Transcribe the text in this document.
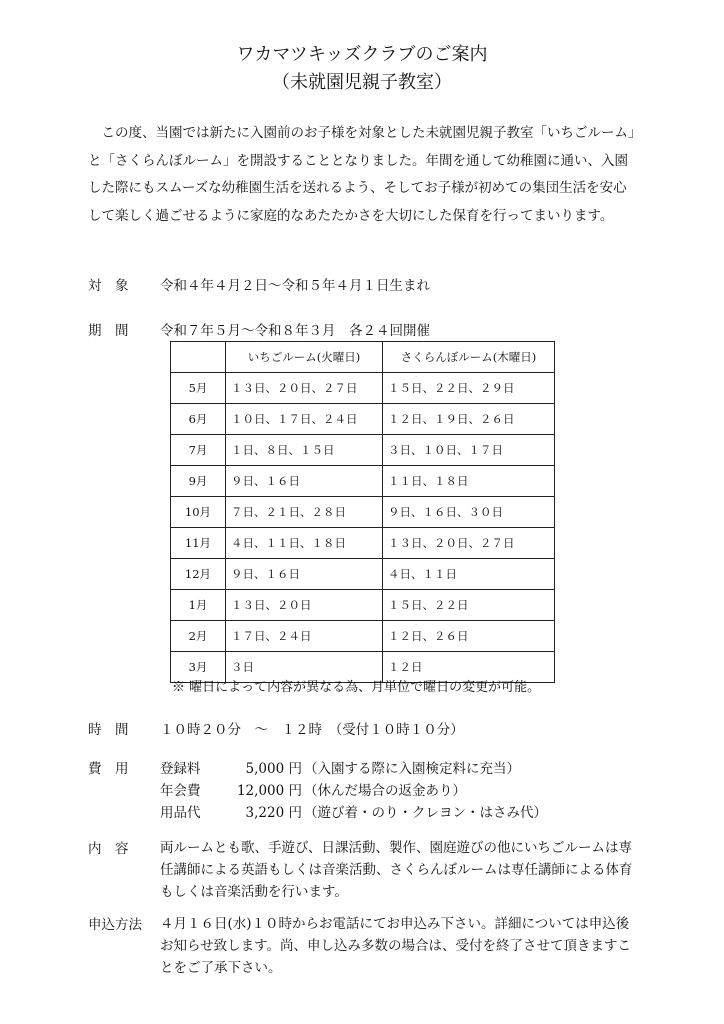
ワカマツキッズクラブのご案内
（未就園児親子教室）

この度、当園では新たに入園前のお子様を対象とした未就園児親子教室「いちごルーム」と「さくらんぼルーム」を開設することとなりました。年間を通して幼稚園に通い、入園した際にもスムーズな幼稚園生活を送れるよう、そしてお子様が初めての集団生活を安心して楽しく過ごせるように家庭的なあたたかさを大切にした保育を行ってまいります。

対　象	令和４年４月２日～令和５年４月１日生まれ
期　間	令和７年５月～令和８年３月　各２４回開催
	いちごルーム(火曜日)	さくらんぼルーム(木曜日)
5月	１３日、２０日、２７日	１５日、２２日、２９日
6月	１０日、１７日、２４日	１２日、１９日、２６日
7月	１日、８日、１５日	３日、１０日、１７日
9月	９日、１６日	１１日、１８日
10月	７日、２１日、２８日	９日、１６日、３０日
11月	４日、１１日、１８日	１３日、２０日、２７日
12月	９日、１６日	４日、１１日
1月	１３日、２０日	１５日、２２日
2月	１７日、２４日	１２日、２６日
3月	３日	１２日
※ 曜日によって内容が異なる為、月単位で曜日の変更が可能。
時　間	１０時２０分　～　１２時　（受付１０時１０分）
費　用	登録料	5,000 円 （入園する際に入園検定料に充当）
年会費	12,000 円 （休んだ場合の返金あり）
用品代	3,220 円 （遊び着・のり・クレヨン・はさみ代）
内　容	両ルームとも歌、手遊び、日課活動、製作、園庭遊びの他にいちごルームは専任講師による英語もしくは音楽活動、さくらんぼルームは専任講師による体育もしくは音楽活動を行います。

申込方法	４月１６日(水)１０時からお電話にてお申込み下さい。詳細については申込後お知らせ致します。尚、申し込み多数の場合は、受付を終了させて頂きますことをご了承下さい。
